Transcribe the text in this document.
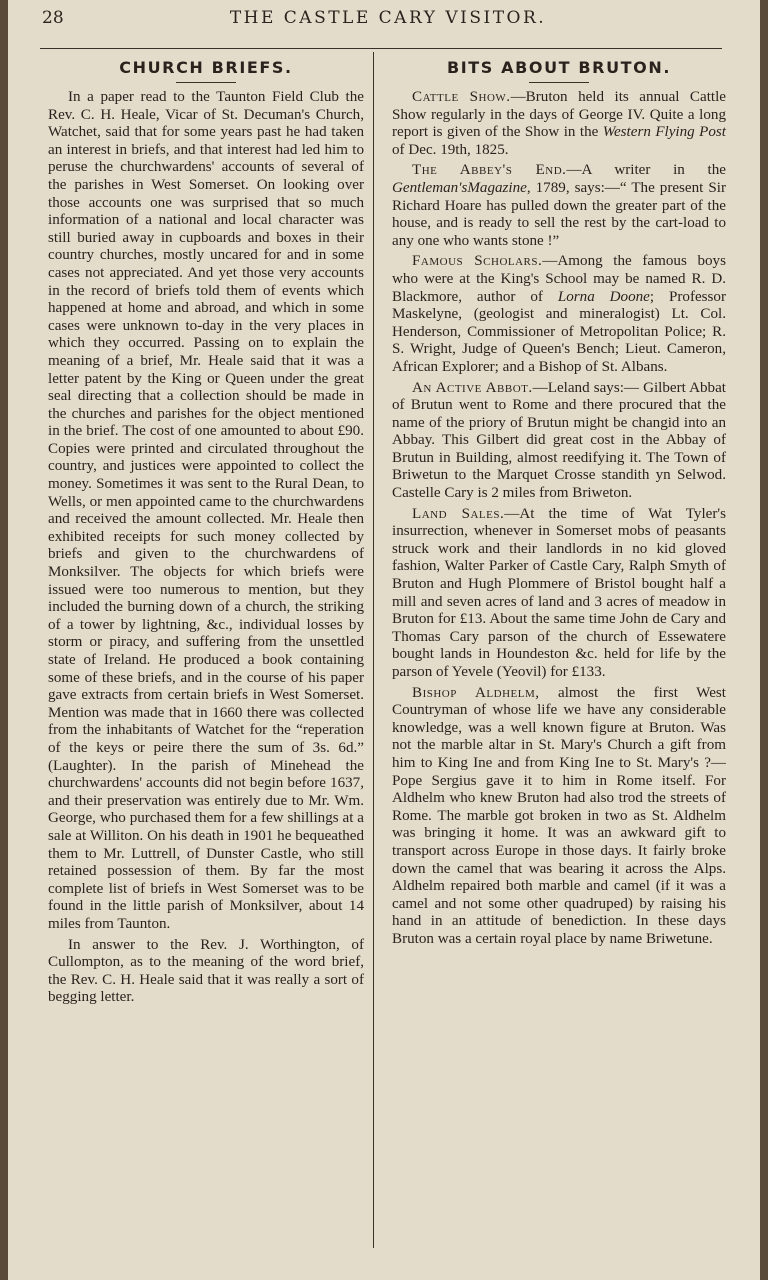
28	THE CASTLE CARY VISITOR.
CHURCH BRIEFS.

In a paper read to the Taunton Field Club the Rev. C. H. Heale, Vicar of St. Decuman's Church, Watchet, said that for some years past he had taken an interest in briefs, and that interest had led him to peruse the churchwardens' accounts of several of the parishes in West Somerset. On looking over those accounts one was surprised that so much information of a national and local character was still buried away in cupboards and boxes in their country churches, mostly uncared for and in some cases not appreciated. And yet those very accounts in the record of briefs told them of events which happened at home and abroad, and which in some cases were unknown to-day in the very places in which they occurred. Passing on to explain the meaning of a brief, Mr. Heale said that it was a letter patent by the King or Queen under the great seal directing that a collection should be made in the churches and parishes for the object mentioned in the brief. The cost of one amounted to about £90. Copies were printed and circulated throughout the country, and justices were appointed to collect the money. Sometimes it was sent to the Rural Dean, to Wells, or men appointed came to the churchwardens and received the amount collected. Mr. Heale then exhibited receipts for such money collected by briefs and given to the churchwardens of Monksilver. The objects for which briefs were issued were too numerous to mention, but they included the burning down of a church, the striking of a tower by lightning, &c., individual losses by storm or piracy, and suffering from the unsettled state of Ireland. He produced a book containing some of these briefs, and in the course of his paper gave extracts from certain briefs in West Somerset. Mention was made that in 1660 there was collected from the inhabitants of Watchet for the “reperation of the keys or peire there the sum of 3s. 6d.” (Laughter). In the parish of Minehead the churchwardens' accounts did not begin before 1637, and their preservation was entirely due to Mr. Wm. George, who purchased them for a few shillings at a sale at Williton. On his death in 1901 he bequeathed them to Mr. Luttrell, of Dunster Castle, who still retained possession of them. By far the most complete list of briefs in West Somerset was to be found in the little parish of Monksilver, about 14 miles from Taunton.

In answer to the Rev. J. Worthington, of Cullompton, as to the meaning of the word brief, the Rev. C. H. Heale said that it was really a sort of begging letter.

BITS ABOUT BRUTON.

Cattle Show.—Bruton held its annual Cattle Show regularly in the days of George IV. Quite a long report is given of the Show in the Western Flying Post of Dec. 19th, 1825.

The Abbey's End.—A writer in the Gentleman'sMagazine, 1789, says:—“ The present Sir Richard Hoare has pulled down the greater part of the house, and is ready to sell the rest by the cart-load to any one who wants stone !”

Famous Scholars.—Among the famous boys who were at the King's School may be named R. D. Blackmore, author of Lorna Doone; Professor Maskelyne, (geologist and mineralogist) Lt. Col. Henderson, Commissioner of Metropolitan Police; R. S. Wright, Judge of Queen's Bench; Lieut. Cameron, African Explorer; and a Bishop of St. Albans.

An Active Abbot.—Leland says:— Gilbert Abbat of Brutun went to Rome and there procured that the name of the priory of Brutun might be changid into an Abbay. This Gilbert did great cost in the Abbay of Brutun in Building, almost reedifying it. The Town of Briwetun to the Marquet Crosse standith yn Selwod. Castelle Cary is 2 miles from Briweton.

Land Sales.—At the time of Wat Tyler's insurrection, whenever in Somerset mobs of peasants struck work and their landlords in no kid gloved fashion, Walter Parker of Castle Cary, Ralph Smyth of Bruton and Hugh Plommere of Bristol bought half a mill and seven acres of land and 3 acres of meadow in Bruton for £13. About the same time John de Cary and Thomas Cary parson of the church of Essewatere bought lands in Houndeston &c. held for life by the parson of Yevele (Yeovil) for £133.

Bishop Aldhelm, almost the first West Countryman of whose life we have any considerable knowledge, was a well known figure at Bruton. Was not the marble altar in St. Mary's Church a gift from him to King Ine and from King Ine to St. Mary's ?—Pope Sergius gave it to him in Rome itself. For Aldhelm who knew Bruton had also trod the streets of Rome. The marble got broken in two as St. Aldhelm was bringing it home. It was an awkward gift to transport across Europe in those days. It fairly broke down the camel that was bearing it across the Alps. Aldhelm repaired both marble and camel (if it was a camel and not some other quadruped) by raising his hand in an attitude of benediction. In these days Bruton was a certain royal place by name Briwetune.
